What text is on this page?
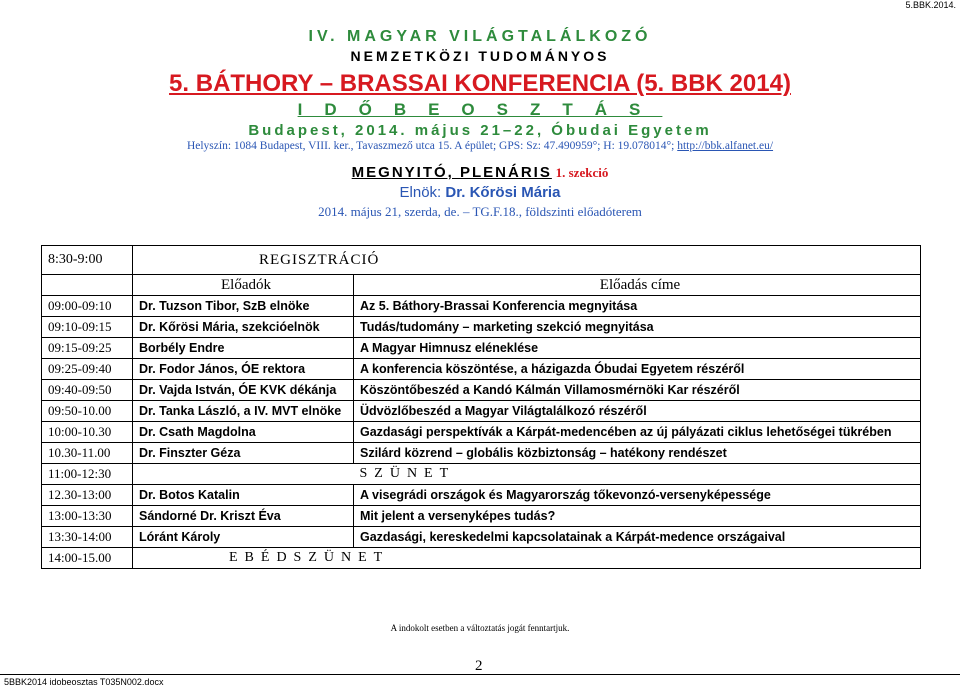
5.BBK.2014.
IV. MAGYAR VILÁGTALÁLKOZÓ
NEMZETKÖZI TUDOMÁNYOS
5. BÁTHORY – BRASSAI KONFERENCIA (5. BBK 2014)
IDŐBEOSZTÁS
Budapest, 2014. május 21–22, Óbudai Egyetem
Helyszín: 1084 Budapest, VIII. ker., Tavaszmező utca 15. A épület; GPS: Sz: 47.490959°; H: 19.078014°; http://bbk.alfanet.eu/
MEGNYITÓ, PLENÁRIS 1. szekció
Elnök: Dr. Kőrösi Mária
2014. május 21, szerda, de. – TG.F.18., földszinti előadóterem
8:30-9:00	REGISZTRÁCIÓ	
	Előadók	Előadás címe
09:00-09:10	Dr. Tuzson Tibor, SzB elnöke	Az 5. Báthory-Brassai Konferencia megnyitása
09:10-09:15	Dr. Kőrösi Mária, szekcióelnök	Tudás/tudomány – marketing szekció megnyitása
09:15-09:25	Borbély Endre	A Magyar Himnusz eléneklése
09:25-09:40	Dr. Fodor János, ÓE rektora	A konferencia köszöntése, a házigazda Óbudai Egyetem részéről
09:40-09:50	Dr. Vajda István, ÓE KVK dékánja	Köszöntőbeszéd a Kandó Kálmán Villamosmérnöki Kar részéről
09:50-10.00	Dr. Tanka László, a IV. MVT elnöke	Üdvözlőbeszéd a Magyar Világtalálkozó részéről
10:00-10.30	Dr. Csath Magdolna	Gazdasági perspektívák a Kárpát-medencében az új pályázati ciklus lehetőségei tükrében
10.30-11.00	Dr. Finszter Géza	Szilárd közrend – globális közbiztonság – hatékony rendészet
11:00-12:30		SZÜNET
12.30-13:00	Dr. Botos Katalin	A visegrádi országok és Magyarország tőkevonzó-versenyképessége
13:00-13:30	Sándorné Dr. Kriszt Éva	Mit jelent a versenyképes tudás?
13:30-14:00	Lóránt Károly	Gazdasági, kereskedelmi kapcsolatainak a Kárpát-medence országaival
14:00-15.00	EBÉDSZÜNET	
A indokolt esetben a változtatás jogát fenntartjuk.
2
5BBK2014 idobeosztas T035N002.docx
